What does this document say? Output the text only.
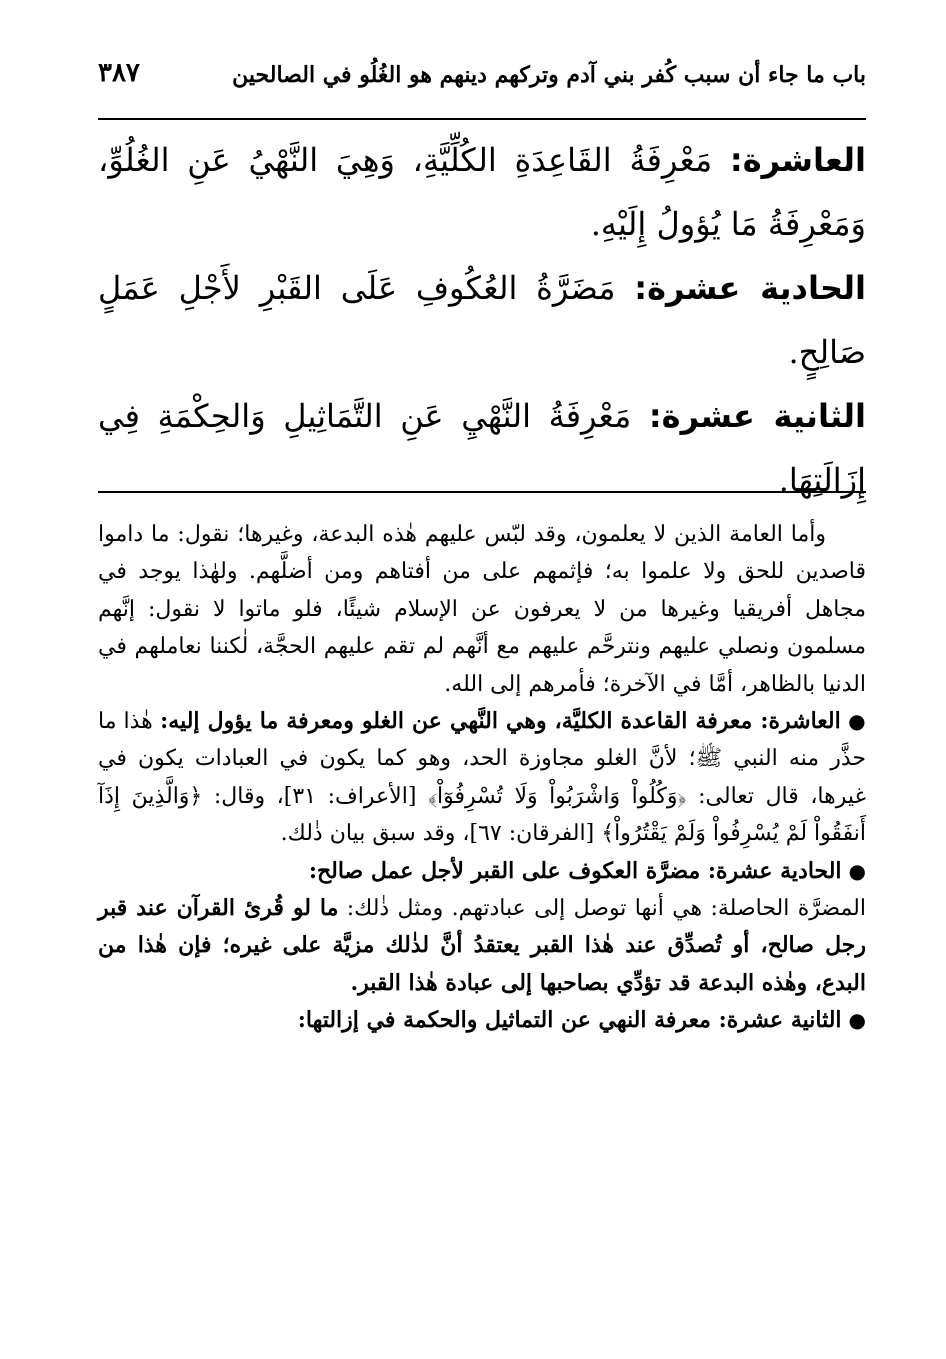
باب ما جاء أن سبب كُفر بني آدم وتركهم دينهم هو الغُلُو في الصالحين
٣٨٧

العاشرة: مَعْرِفَةُ القَاعِدَةِ الكُلِّيَّةِ، وَهِيَ النَّهْيُ عَنِ الغُلُوِّ، وَمَعْرِفَةُ مَا يُؤولُ إِلَيْهِ.

الحادية عشرة: مَضَرَّةُ العُكُوفِ عَلَى القَبْرِ لأَجْلِ عَمَلٍ صَالِحٍ.

الثانية عشرة: مَعْرِفَةُ النَّهْيِ عَنِ التَّمَاثِيلِ وَالحِكْمَةِ فِي إِزَالَتِهَا.

وأما العامة الذين لا يعلمون، وقد لبّس عليهم هٰذه البدعة، وغيرها؛ نقول: ما داموا قاصدين للحق ولا علموا به؛ فإثمهم على من أفتاهم ومن أضلَّهم. ولهٰذا يوجد في مجاهل أفريقيا وغيرها من لا يعرفون عن الإسلام شيئًا، فلو ماتوا لا نقول: إنَّهم مسلمون ونصلي عليهم ونترحَّم عليهم مع أنَّهم لم تقم عليهم الحجَّة، لٰكننا نعاملهم في الدنيا بالظاهر، أمَّا في الآخرة؛ فأمرهم إلى الله.

● العاشرة: معرفة القاعدة الكليَّة، وهي النَّهي عن الغلو ومعرفة ما يؤول إليه: هٰذا ما حذَّر منه النبي ﷺ؛ لأنَّ الغلو مجاوزة الحد، وهو كما يكون في العبادات يكون في غيرها، قال تعالى: ﴿وَكُلُواْ وَاشْرَبُواْ وَلَا تُسْرِفُوٓاْ﴾ [الأعراف: ٣١]، وقال: ﴿وَالَّذِينَ إِذَآ أَنفَقُواْ لَمْ يُسْرِفُواْ وَلَمْ يَقْتُرُواْ﴾ [الفرقان: ٦٧]، وقد سبق بيان ذٰلك.

● الحادية عشرة: مضرَّة العكوف على القبر لأجل عمل صالح:
المضرَّة الحاصلة: هي أنها توصل إلى عبادتهم. ومثل ذٰلك: ما لو قُرئ القرآن عند قبر رجل صالح، أو تُصدِّق عند هٰذا القبر يعتقدُ أنَّ لذٰلك مزيَّة على غيره؛ فإن هٰذا من البدع، وهٰذه البدعة قد تؤدِّي بصاحبها إلى عبادة هٰذا القبر.

● الثانية عشرة: معرفة النهي عن التماثيل والحكمة في إزالتها:
